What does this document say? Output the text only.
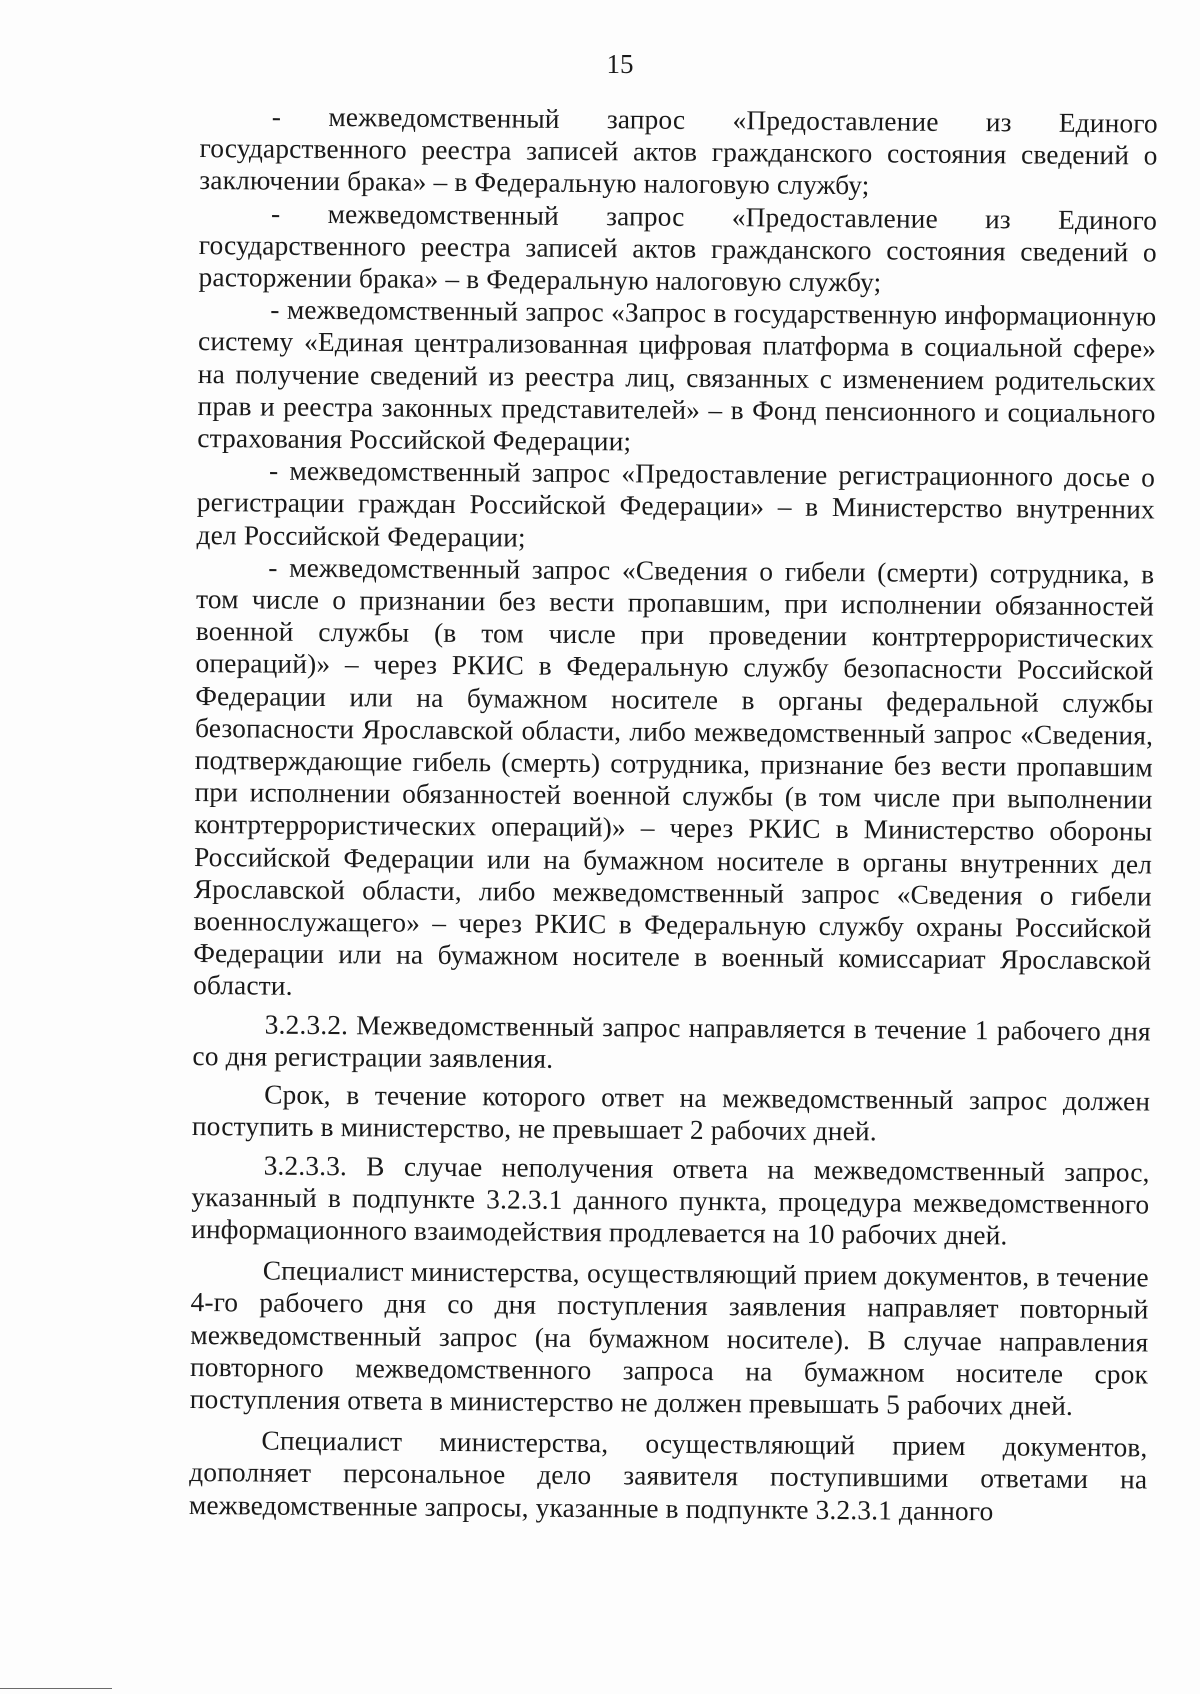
15

- межведомственный запрос «Предоставление из Единого государственного реестра записей актов гражданского состояния сведений о заключении брака» – в Федеральную налоговую службу;

- межведомственный запрос «Предоставление из Единого государственного реестра записей актов гражданского состояния сведений о расторжении брака» – в Федеральную налоговую службу;

- межведомственный запрос «Запрос в государственную информационную систему «Единая централизованная цифровая платформа в социальной сфере» на получение сведений из реестра лиц, связанных с изменением родительских прав и реестра законных представителей» – в Фонд пенсионного и социального страхования Российской Федерации;

- межведомственный запрос «Предоставление регистрационного досье о регистрации граждан Российской Федерации» – в Министерство внутренних дел Российской Федерации;

- межведомственный запрос «Сведения о гибели (смерти) сотрудника, в том числе о признании без вести пропавшим, при исполнении обязанностей военной службы (в том числе при проведении контртеррористических операций)» – через РКИС в Федеральную службу безопасности Российской Федерации или на бумажном носителе в органы федеральной службы безопасности Ярославской области, либо межведомственный запрос «Сведения, подтверждающие гибель (смерть) сотрудника, признание без вести пропавшим при исполнении обязанностей военной службы (в том числе при выполнении контртеррористических операций)» – через РКИС в Министерство обороны Российской Федерации или на бумажном носителе в органы внутренних дел Ярославской области, либо межведомственный запрос «Сведения о гибели военнослужащего» – через РКИС в Федеральную службу охраны Российской Федерации или на бумажном носителе в военный комиссариат Ярославской области.

3.2.3.2. Межведомственный запрос направляется в течение 1 рабочего дня со дня регистрации заявления.

Срок, в течение которого ответ на межведомственный запрос должен поступить в министерство, не превышает 2 рабочих дней.

3.2.3.3. В случае неполучения ответа на межведомственный запрос, указанный в подпункте 3.2.3.1 данного пункта, процедура межведомственного информационного взаимодействия продлевается на 10 рабочих дней.

Специалист министерства, осуществляющий прием документов, в течение 4-го рабочего дня со дня поступления заявления направляет повторный межведомственный запрос (на бумажном носителе). В случае направления повторного межведомственного запроса на бумажном носителе срок поступления ответа в министерство не должен превышать 5 рабочих дней.

Специалист министерства, осуществляющий прием документов, дополняет персональное дело заявителя поступившими ответами на межведомственные запросы, указанные в подпункте 3.2.3.1 данного
